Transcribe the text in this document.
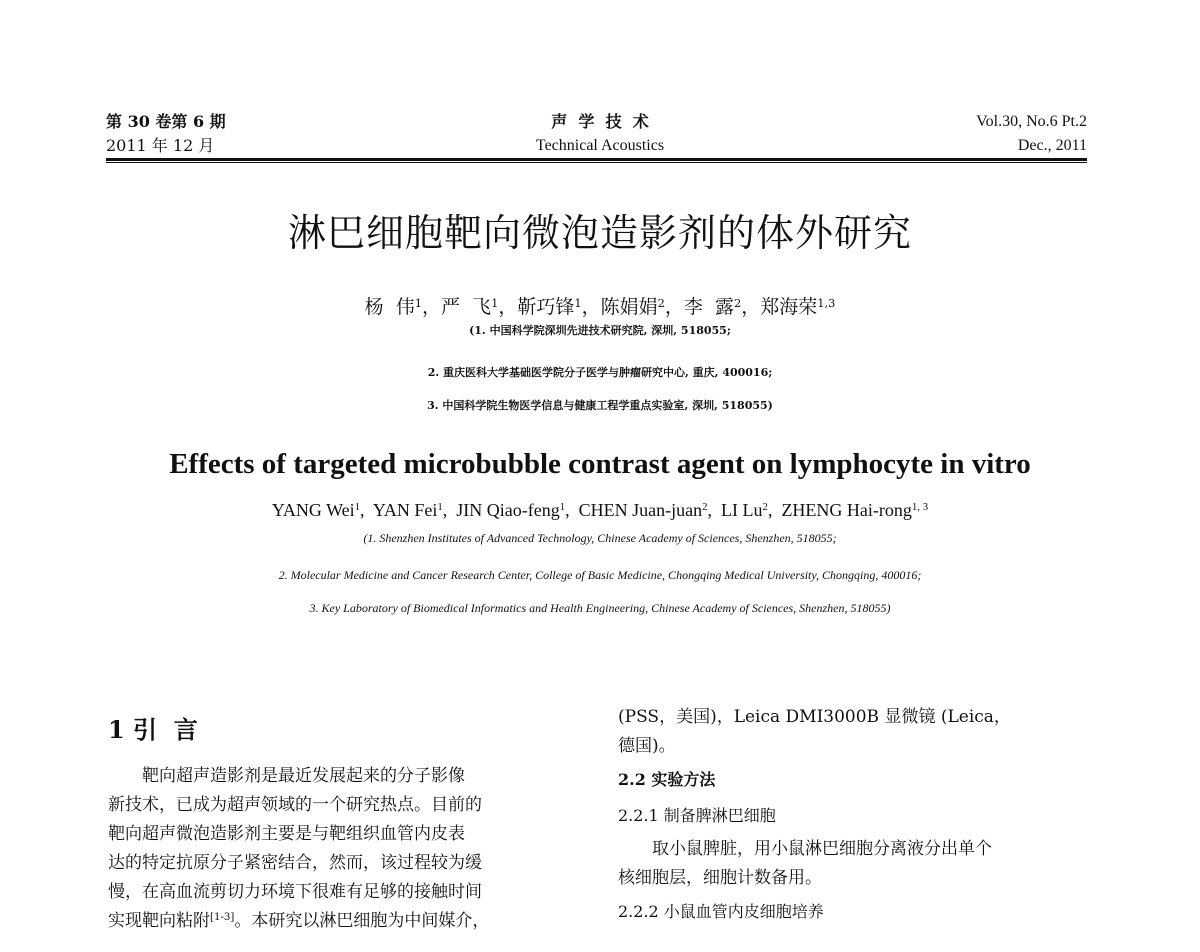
第 30 卷第 6 期
2011 年 12 月
声  学  技  术
Technical Acoustics
Vol.30, No.6 Pt.2
Dec., 2011
淋巴细胞靶向微泡造影剂的体外研究
杨  伟$^1$，严  飞$^1$，靳巧锋$^1$，陈娟娟$^2$，李  露$^2$，郑海荣$^{1,3}$
(1. 中国科学院深圳先进技术研究院, 深圳, 518055;
2. 重庆医科大学基础医学院分子医学与肿瘤研究中心, 重庆, 400016;
3. 中国科学院生物医学信息与健康工程学重点实验室, 深圳, 518055)
Effects of targeted microbubble contrast agent on lymphocyte in vitro
YANG Wei$^1$,  YAN Fei$^1$,  JIN Qiao-feng$^1$,  CHEN Juan-juan$^2$,  LI Lu$^2$,  ZHENG Hai-rong$^{1, 3}$
(1. Shenzhen Institutes of Advanced Technology, Chinese Academy of Sciences, Shenzhen, 518055;
2. Molecular Medicine and Cancer Research Center, College of Basic Medicine, Chongqing Medical University, Chongqing, 400016;
3. Key Laboratory of Biomedical Informatics and Health Engineering, Chinese Academy of Sciences, Shenzhen, 518055)
1 引  言
靶向超声造影剂是最近发展起来的分子影像
新技术，已成为超声领域的一个研究热点。目前的
靶向超声微泡造影剂主要是与靶组织血管内皮表
达的特定抗原分子紧密结合，然而，该过程较为缓
慢，在高血流剪切力环境下很难有足够的接触时间
实现靶向粘附[1-3]。本研究以淋巴细胞为中间媒介，
(PSS，美国)，Leica DMI3000B 显微镜 (Leica，
德国)。
2.2 实验方法
2.2.1 制备脾淋巴细胞
取小鼠脾脏，用小鼠淋巴细胞分离液分出单个
核细胞层，细胞计数备用。
2.2.2 小鼠血管内皮细胞培养
